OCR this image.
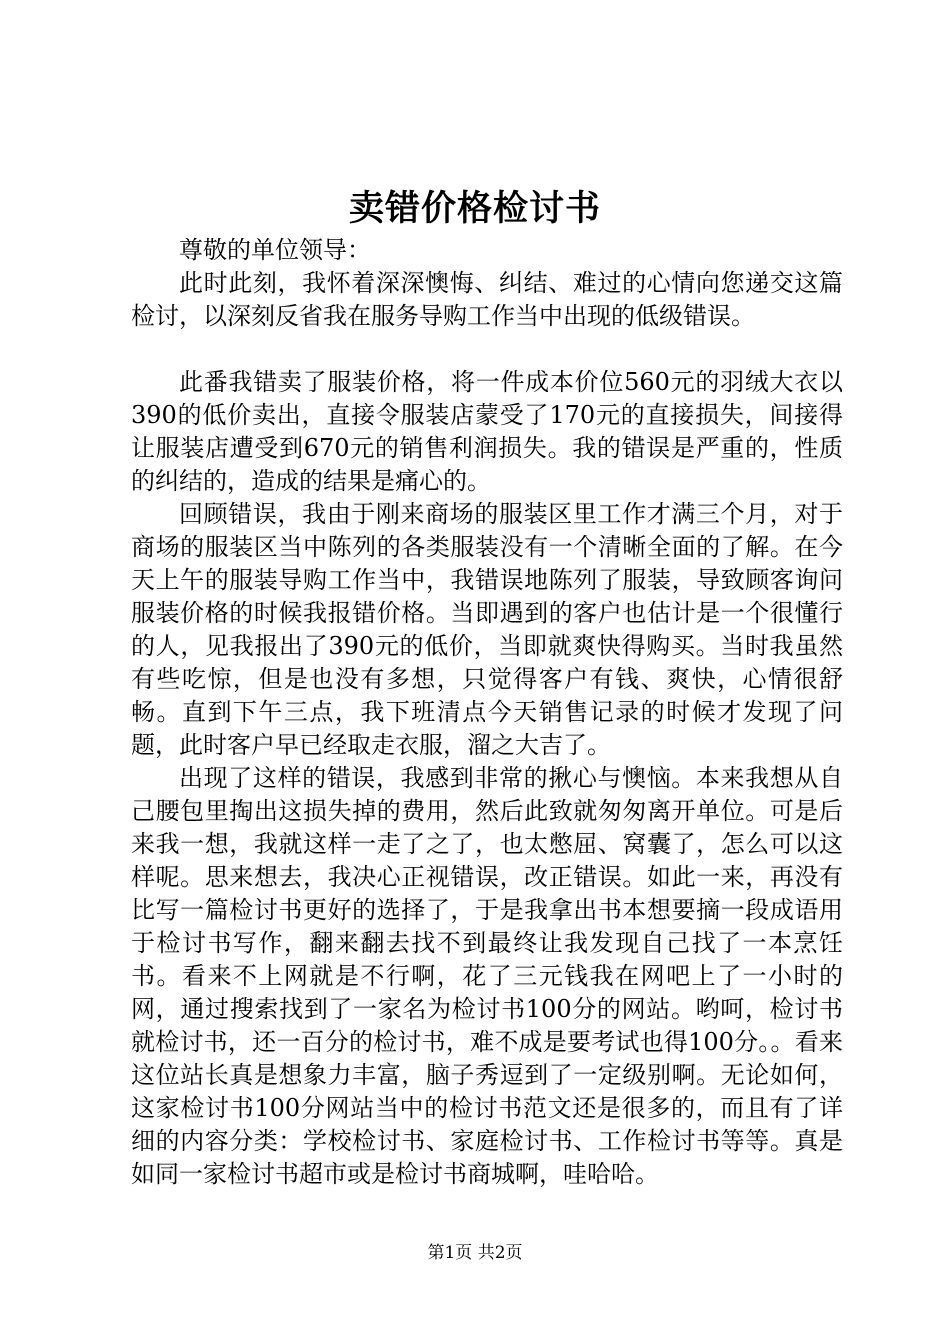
卖错价格检讨书

尊敬的单位领导：

此时此刻，我怀着深深懊悔、纠结、难过的心情向您递交这篇检讨，以深刻反省我在服务导购工作当中出现的低级错误。

此番我错卖了服装价格，将一件成本价位560元的羽绒大衣以390的低价卖出，直接令服装店蒙受了170元的直接损失，间接得让服装店遭受到670元的销售利润损失。我的错误是严重的，性质的纠结的，造成的结果是痛心的。

回顾错误，我由于刚来商场的服装区里工作才满三个月，对于商场的服装区当中陈列的各类服装没有一个清晰全面的了解。在今天上午的服装导购工作当中，我错误地陈列了服装，导致顾客询问服装价格的时候我报错价格。当即遇到的客户也估计是一个很懂行的人，见我报出了390元的低价，当即就爽快得购买。当时我虽然有些吃惊，但是也没有多想，只觉得客户有钱、爽快，心情很舒畅。直到下午三点，我下班清点今天销售记录的时候才发现了问题，此时客户早已经取走衣服，溜之大吉了。

出现了这样的错误，我感到非常的揪心与懊恼。本来我想从自己腰包里掏出这损失掉的费用，然后此致就匆匆离开单位。可是后来我一想，我就这样一走了之了，也太憋屈、窝囊了，怎么可以这样呢。思来想去，我决心正视错误，改正错误。如此一来，再没有比写一篇检讨书更好的选择了，于是我拿出书本想要摘一段成语用于检讨书写作，翻来翻去找不到最终让我发现自己找了一本烹饪书。看来不上网就是不行啊，花了三元钱我在网吧上了一小时的网，通过搜索找到了一家名为检讨书100分的网站。哟呵，检讨书就检讨书，还一百分的检讨书，难不成是要考试也得100分。。看来这位站长真是想象力丰富，脑子秀逗到了一定级别啊。无论如何，这家检讨书100分网站当中的检讨书范文还是很多的，而且有了详细的内容分类：学校检讨书、家庭检讨书、工作检讨书等等。真是如同一家检讨书超市或是检讨书商城啊，哇哈哈。

第1页 共2页
